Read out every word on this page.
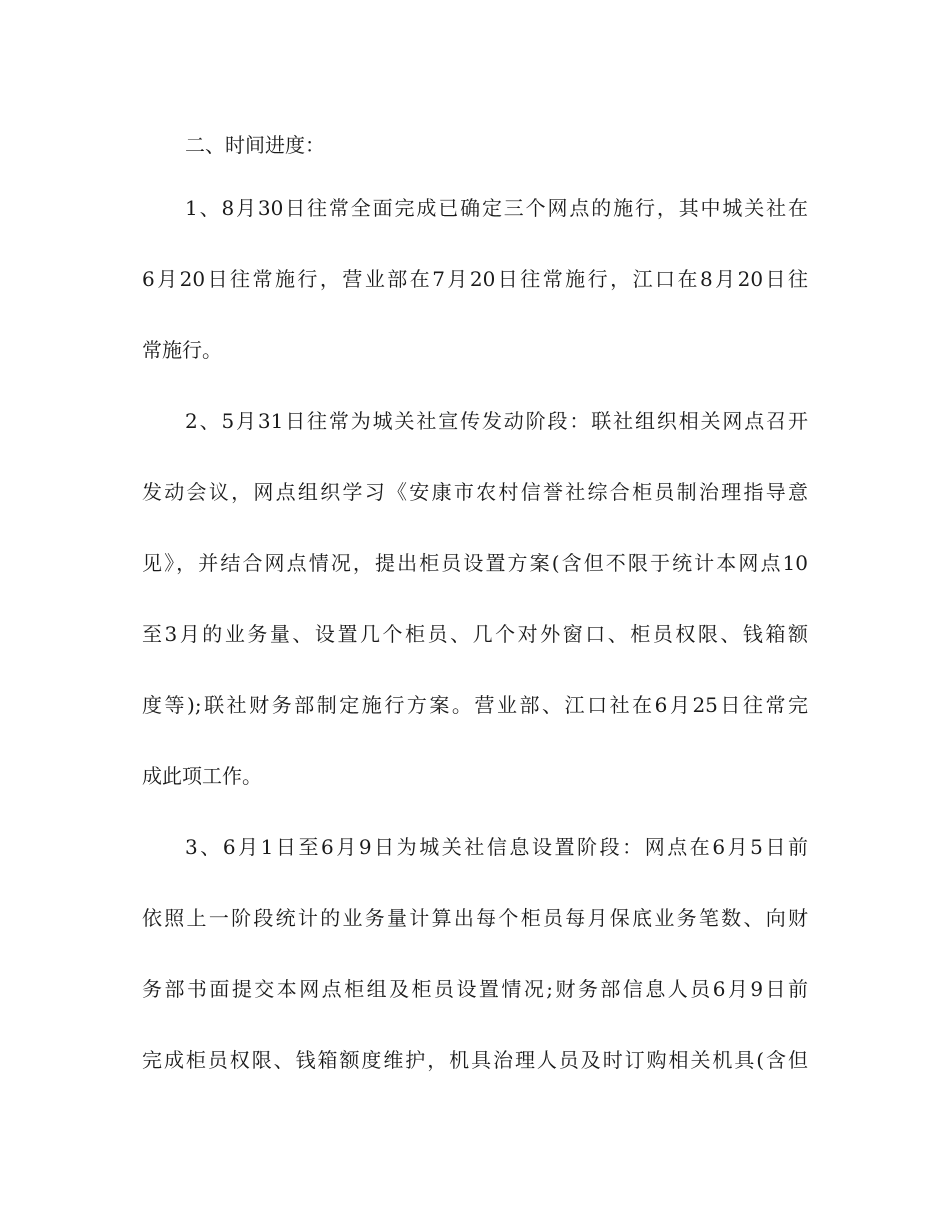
二、时间进度：
1、8月30日往常全面完成已确定三个网点的施行，其中城关社在
6月20日往常施行，营业部在7月20日往常施行，江口在8月20日往
常施行。
2、5月31日往常为城关社宣传发动阶段：联社组织相关网点召开
发动会议，网点组织学习《安康市农村信誉社综合柜员制治理指导意
见》，并结合网点情况，提出柜员设置方案(含但不限于统计本网点10
至3月的业务量、设置几个柜员、几个对外窗口、柜员权限、钱箱额
度等);联社财务部制定施行方案。营业部、江口社在6月25日往常完
成此项工作。
3、6月1日至6月9日为城关社信息设置阶段：网点在6月5日前
依照上一阶段统计的业务量计算出每个柜员每月保底业务笔数、向财
务部书面提交本网点柜组及柜员设置情况;财务部信息人员6月9日前
完成柜员权限、钱箱额度维护，机具治理人员及时订购相关机具(含但
